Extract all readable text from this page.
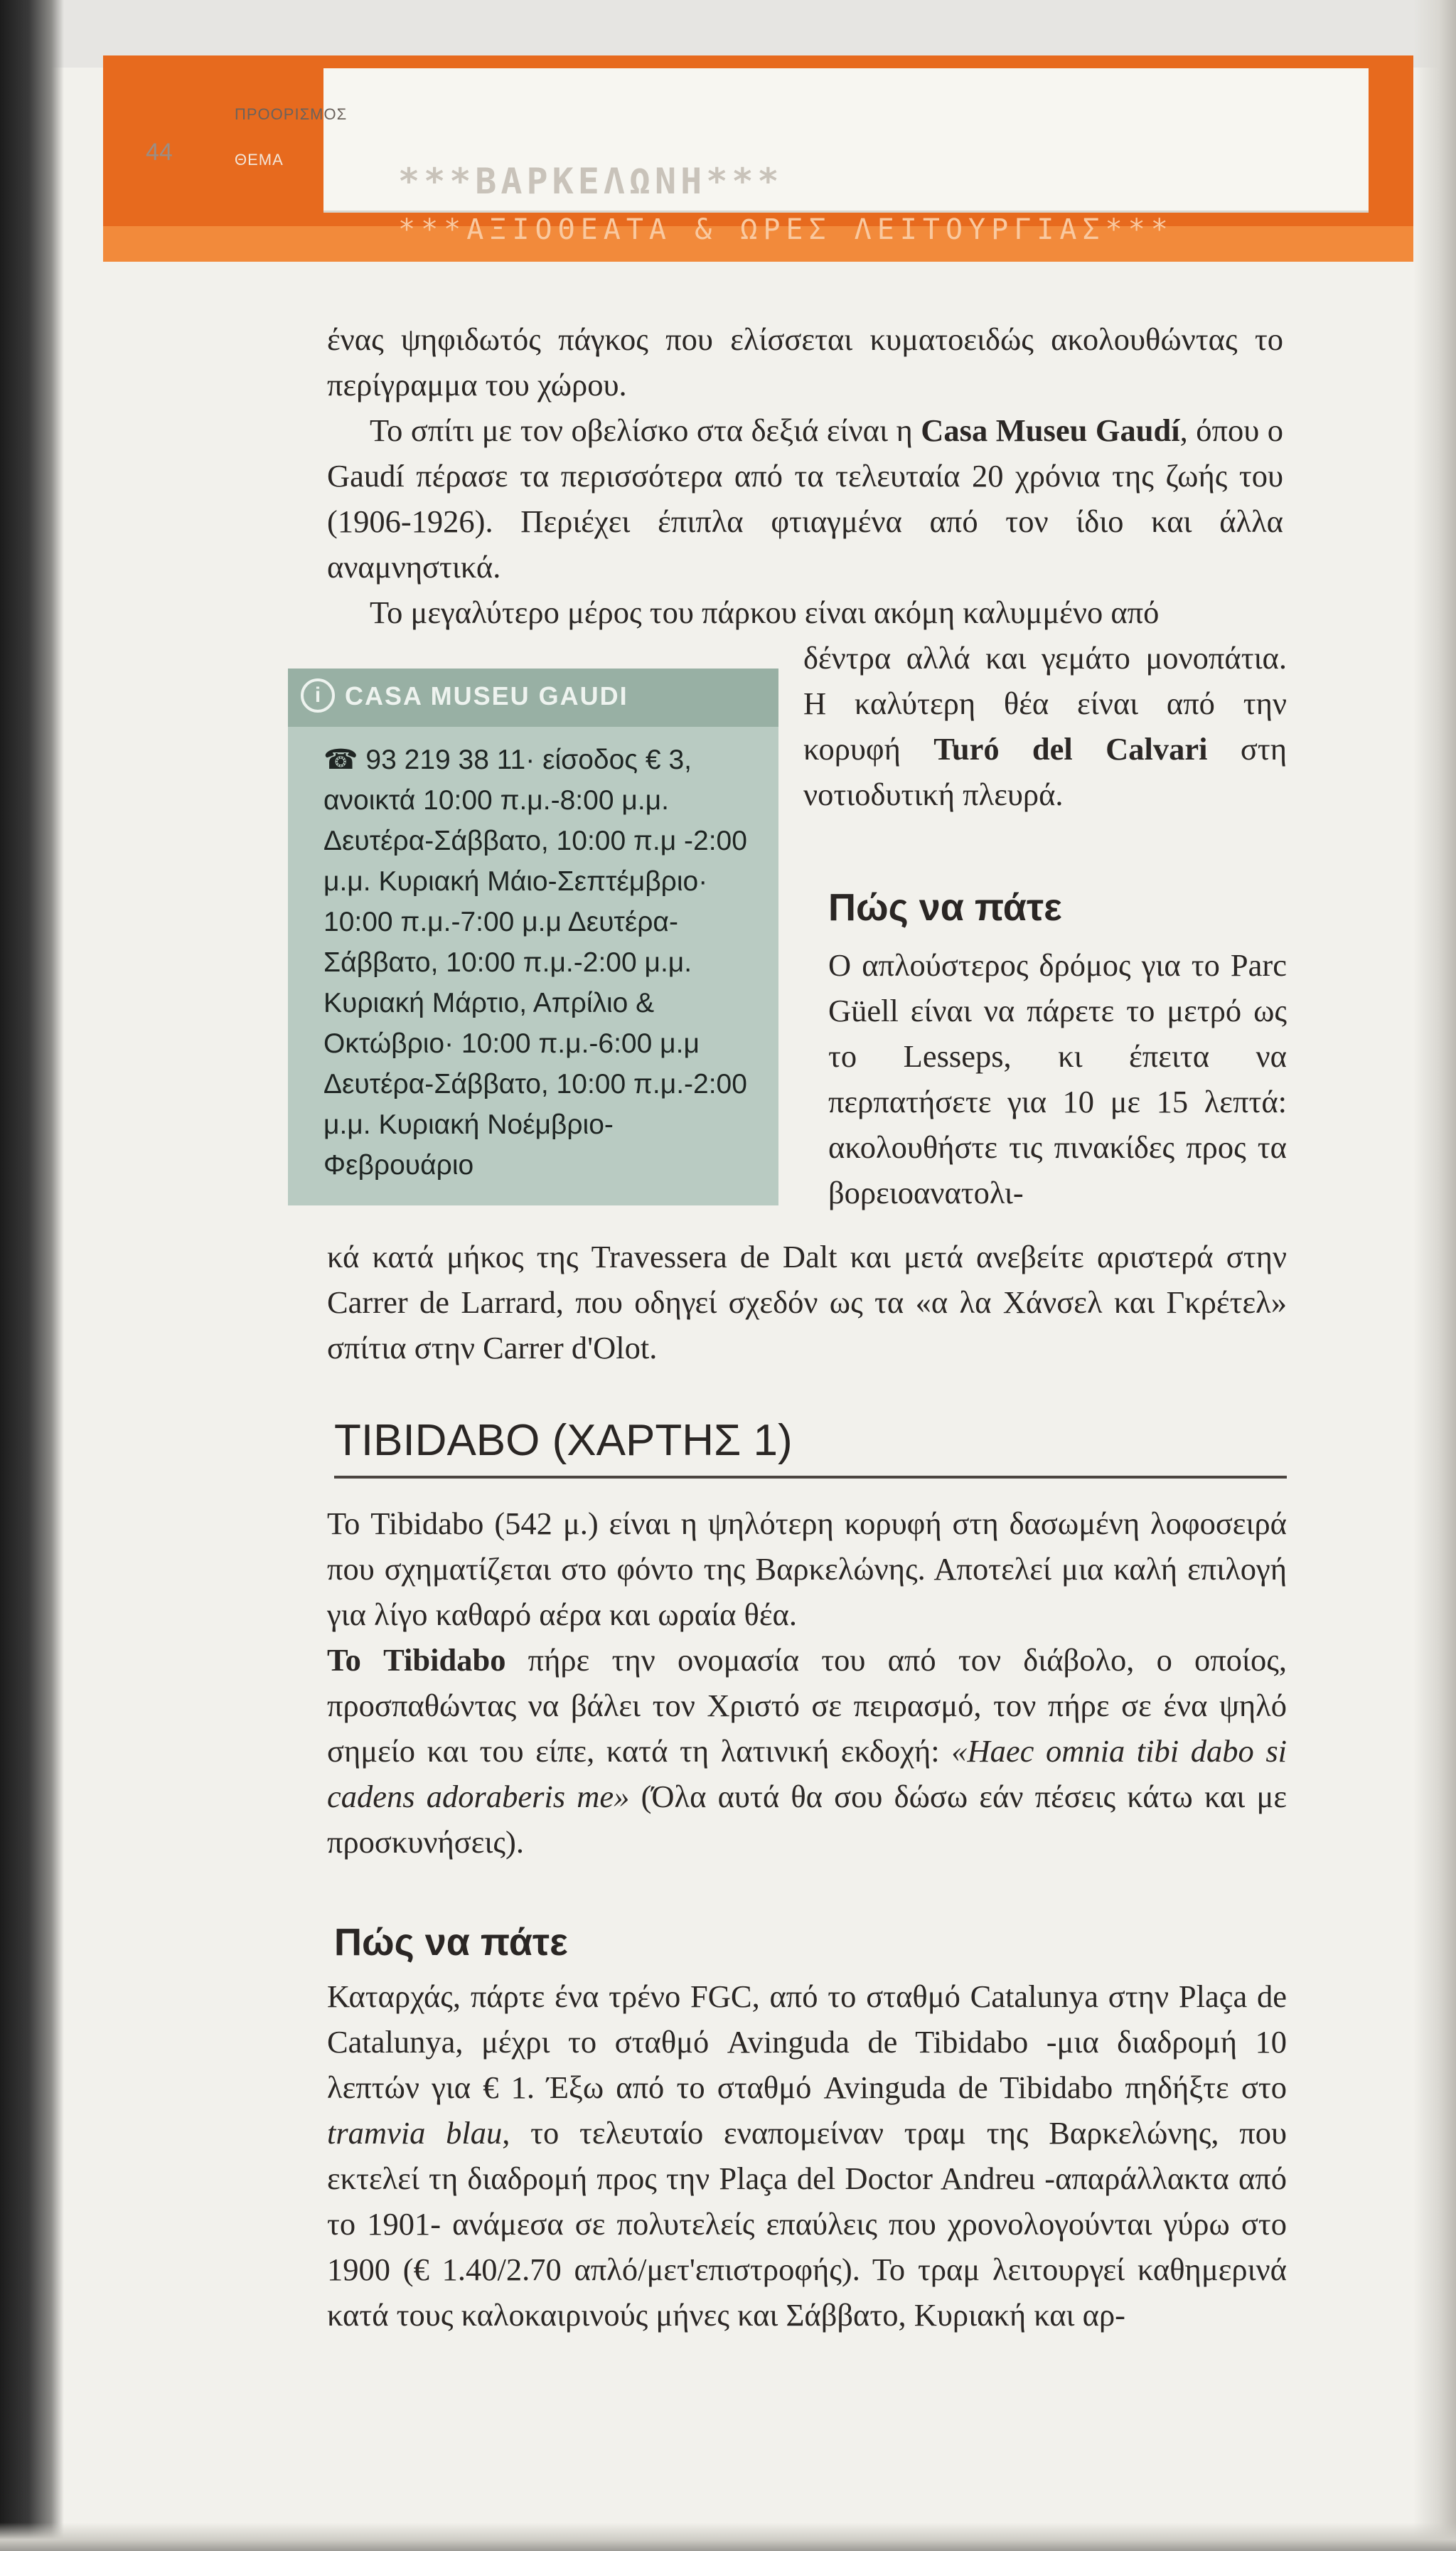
44
ΠΡΟΟΡΙΣΜΟΣ
ΘΕΜΑ
***ΒΑΡΚΕΛΩΝΗ***
***ΑΞΙΟΘΕΑΤΑ & ΩΡΕΣ ΛΕΙΤΟΥΡΓΙΑΣ***

ένας ψηφιδωτός πάγκος που ελίσσεται κυματοειδώς ακολουθώντας το περίγραμμα του χώρου.

Το σπίτι με τον οβελίσκο στα δεξιά είναι η Casa Museu Gaudí, όπου ο Gaudí πέρασε τα περισσότερα από τα τελευταία 20 χρόνια της ζωής του (1906-1926). Περιέχει έπιπλα φτιαγμένα από τον ίδιο και άλλα αναμνηστικά.

Το μεγαλύτερο μέρος του πάρκου είναι ακόμη καλυμμένο από

i CASA MUSEU GAUDI

☎ 93 219 38 11· είσοδος € 3, ανοικτά 10:00 π.μ.-8:00 μ.μ. Δευτέρα-Σάββατο, 10:00 π.μ -2:00 μ.μ. Κυριακή Μάιο-Σεπτέμβριο· 10:00 π.μ.-7:00 μ.μ Δευτέρα-Σάββατο, 10:00 π.μ.-2:00 μ.μ. Κυριακή Μάρτιο, Απρίλιο & Οκτώβριο· 10:00 π.μ.-6:00 μ.μ Δευτέρα-Σάββατο, 10:00 π.μ.-2:00 μ.μ. Κυριακή Νοέμβριο-Φεβρουάριο

δέντρα αλλά και γεμάτο μονοπάτια. Η καλύτερη θέα είναι από την κορυφή Turó del Calvari στη νοτιοδυτική πλευρά.

Πώς να πάτε

Ο απλούστερος δρόμος για το Parc Güell είναι να πάρετε το μετρό ως το Lesseps, κι έπειτα να περπατήσετε για 10 με 15 λεπτά: ακολουθήστε τις πινακίδες προς τα βορειοανατολι-

κά κατά μήκος της Travessera de Dalt και μετά ανεβείτε αριστερά στην Carrer de Larrard, που οδηγεί σχεδόν ως τα «α λα Χάνσελ και Γκρέτελ» σπίτια στην Carrer d'Olot.

TIBIDABO (ΧΑΡΤΗΣ 1)

Το Tibidabo (542 μ.) είναι η ψηλότερη κορυφή στη δασωμένη λοφοσειρά που σχηματίζεται στο φόντο της Βαρκελώνης. Αποτελεί μια καλή επιλογή για λίγο καθαρό αέρα και ωραία θέα.

Το Tibidabo πήρε την ονομασία του από τον διάβολο, ο οποίος, προσπαθώντας να βάλει τον Χριστό σε πειρασμό, τον πήρε σε ένα ψηλό σημείο και του είπε, κατά τη λατινική εκδοχή: «Haec omnia tibi dabo si cadens adoraberis me» (Όλα αυτά θα σου δώσω εάν πέσεις κάτω και με προσκυνήσεις).

Πώς να πάτε

Καταρχάς, πάρτε ένα τρένο FGC, από το σταθμό Catalunya στην Plaça de Catalunya, μέχρι το σταθμό Avinguda de Tibidabo -μια διαδρομή 10 λεπτών για € 1. Έξω από το σταθμό Avinguda de Tibidabo πηδήξτε στο tramvia blau, το τελευταίο εναπομείναν τραμ της Βαρκελώνης, που εκτελεί τη διαδρομή προς την Plaça del Doctor Andreu -απαράλλακτα από το 1901- ανάμεσα σε πολυτελείς επαύλεις που χρονολογούνται γύρω στο 1900 (€ 1.40/2.70 απλό/μετ'επιστροφής). Το τραμ λειτουργεί καθημερινά κατά τους καλοκαιρινούς μήνες και Σάββατο, Κυριακή και αρ-
